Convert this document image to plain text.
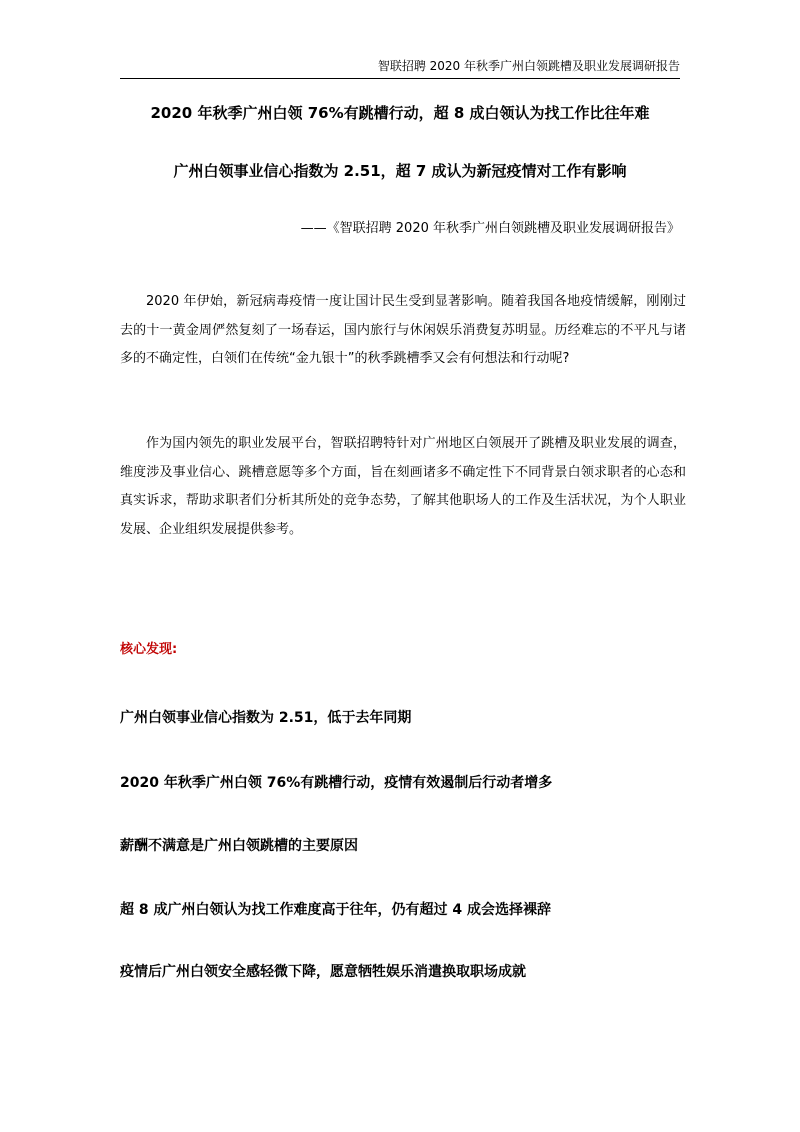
智联招聘 2020 年秋季广州白领跳槽及职业发展调研报告
2020 年秋季广州白领 76%有跳槽行动，超 8 成白领认为找工作比往年难
广州白领事业信心指数为 2.51，超 7 成认为新冠疫情对工作有影响
——《智联招聘 2020 年秋季广州白领跳槽及职业发展调研报告》

2020 年伊始，新冠病毒疫情一度让国计民生受到显著影响。随着我国各地疫情缓解，刚刚过去的十一黄金周俨然复刻了一场春运，国内旅行与休闲娱乐消费复苏明显。历经难忘的不平凡与诸多的不确定性，白领们在传统“金九银十”的秋季跳槽季又会有何想法和行动呢?

作为国内领先的职业发展平台，智联招聘特针对广州地区白领展开了跳槽及职业发展的调查，维度涉及事业信心、跳槽意愿等多个方面，旨在刻画诸多不确定性下不同背景白领求职者的心态和真实诉求，帮助求职者们分析其所处的竞争态势，了解其他职场人的工作及生活状况，为个人职业发展、企业组织发展提供参考。

核心发现:
广州白领事业信心指数为 2.51，低于去年同期
2020 年秋季广州白领 76%有跳槽行动，疫情有效遏制后行动者增多
薪酬不满意是广州白领跳槽的主要原因
超 8 成广州白领认为找工作难度高于往年，仍有超过 4 成会选择裸辞
疫情后广州白领安全感轻微下降，愿意牺牲娱乐消遣换取职场成就
